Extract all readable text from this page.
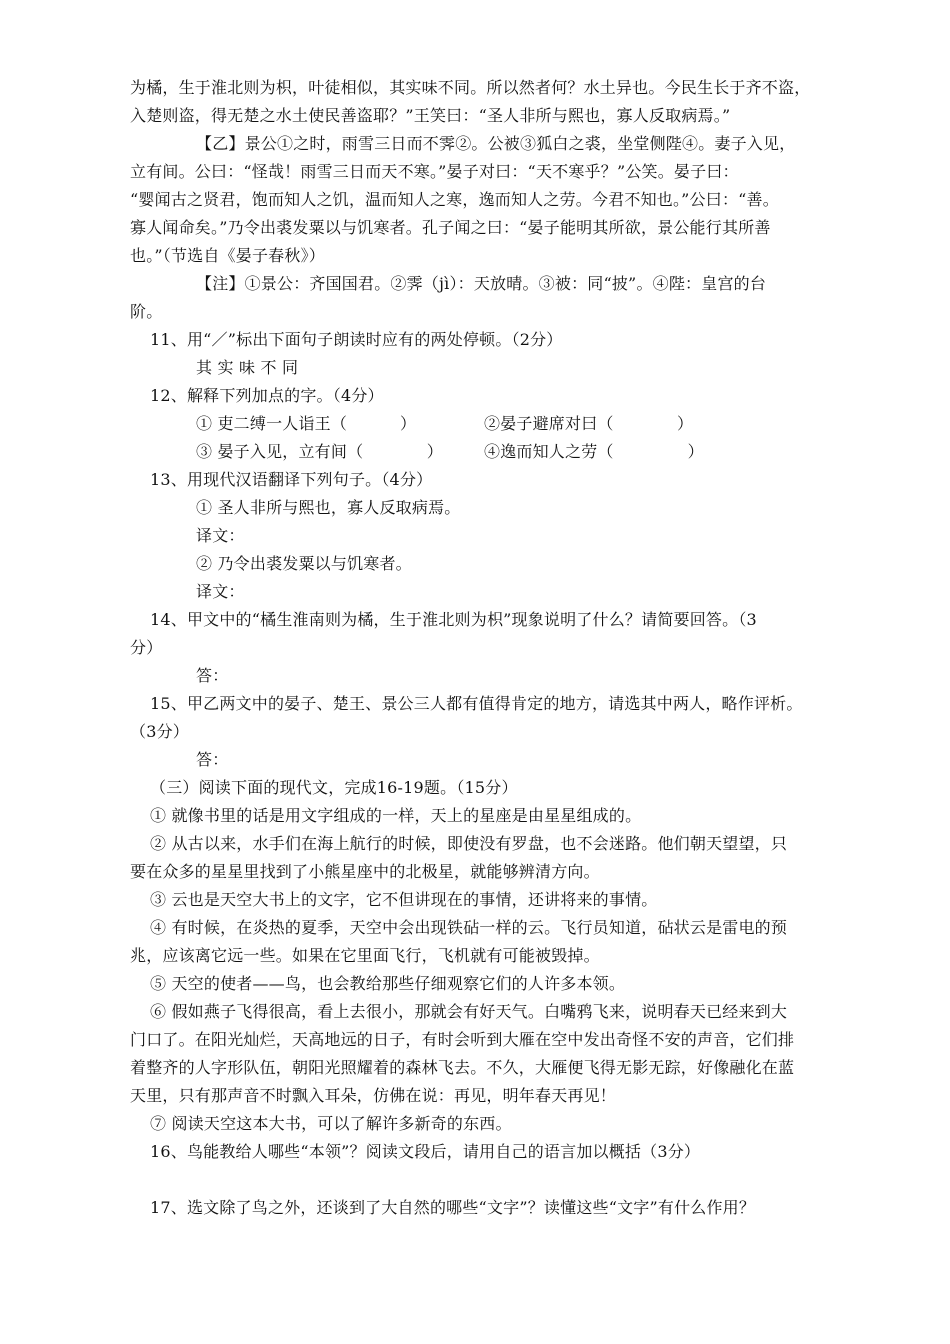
为橘，生于淮北则为枳，叶徒相似，其实味不同。所以然者何？水土异也。今民生长于齐不盗，
入楚则盗，得无楚之水土使民善盗耶？”王笑曰：“圣人非所与熙也，寡人反取病焉。”
【乙】景公①之时，雨雪三日而不霁②。公被③狐白之裘，坐堂侧陛④。妻子入见，
立有间。公曰：“怪哉！雨雪三日而天不寒。”晏子对曰：“天不寒乎？”公笑。晏子曰：
“婴闻古之贤君，饱而知人之饥，温而知人之寒，逸而知人之劳。今君不知也。”公曰：“善。
寡人闻命矣。”乃令出裘发粟以与饥寒者。孔子闻之曰：“晏子能明其所欲，景公能行其所善
也。”（节选自《晏子春秋》）
【注】①景公：齐国国君。②霁（jì）：天放晴。③被：同“披”。④陛：皇宫的台
阶。
11、用“／”标出下面句子朗读时应有的两处停顿。（2分）
其 实 味 不 同
12、解释下列加点的字。（4分）
① 吏二缚一人诣王（          ）	②晏子避席对曰（            ）
③ 晏子入见，立有间（            ）	④逸而知人之劳（              ）
13、用现代汉语翻译下列句子。（4分）
① 圣人非所与熙也，寡人反取病焉。
译文：
② 乃令出裘发粟以与饥寒者。
译文：
14、甲文中的“橘生淮南则为橘，生于淮北则为枳”现象说明了什么？请简要回答。（3
分）
答：
15、甲乙两文中的晏子、楚王、景公三人都有值得肯定的地方，请选其中两人，略作评析。
（3分）
答：
（三）阅读下面的现代文，完成16-19题。（15分）
① 就像书里的话是用文字组成的一样，天上的星座是由星星组成的。
② 从古以来，水手们在海上航行的时候，即使没有罗盘，也不会迷路。他们朝天望望，只
要在众多的星星里找到了小熊星座中的北极星，就能够辨清方向。
③ 云也是天空大书上的文字，它不但讲现在的事情，还讲将来的事情。
④ 有时候，在炎热的夏季，天空中会出现铁砧一样的云。飞行员知道，砧状云是雷电的预
兆，应该离它远一些。如果在它里面飞行，飞机就有可能被毁掉。
⑤ 天空的使者——鸟，也会教给那些仔细观察它们的人许多本领。
⑥ 假如燕子飞得很高，看上去很小，那就会有好天气。白嘴鸦飞来，说明春天已经来到大
门口了。在阳光灿烂，天高地远的日子，有时会听到大雁在空中发出奇怪不安的声音，它们排
着整齐的人字形队伍，朝阳光照耀着的森林飞去。不久，大雁便飞得无影无踪，好像融化在蓝
天里，只有那声音不时飘入耳朵，仿佛在说：再见，明年春天再见！
⑦ 阅读天空这本大书，可以了解许多新奇的东西。
16、鸟能教给人哪些“本领”？阅读文段后，请用自己的语言加以概括（3分）
17、选文除了鸟之外，还谈到了大自然的哪些“文字”？读懂这些“文字”有什么作用？
